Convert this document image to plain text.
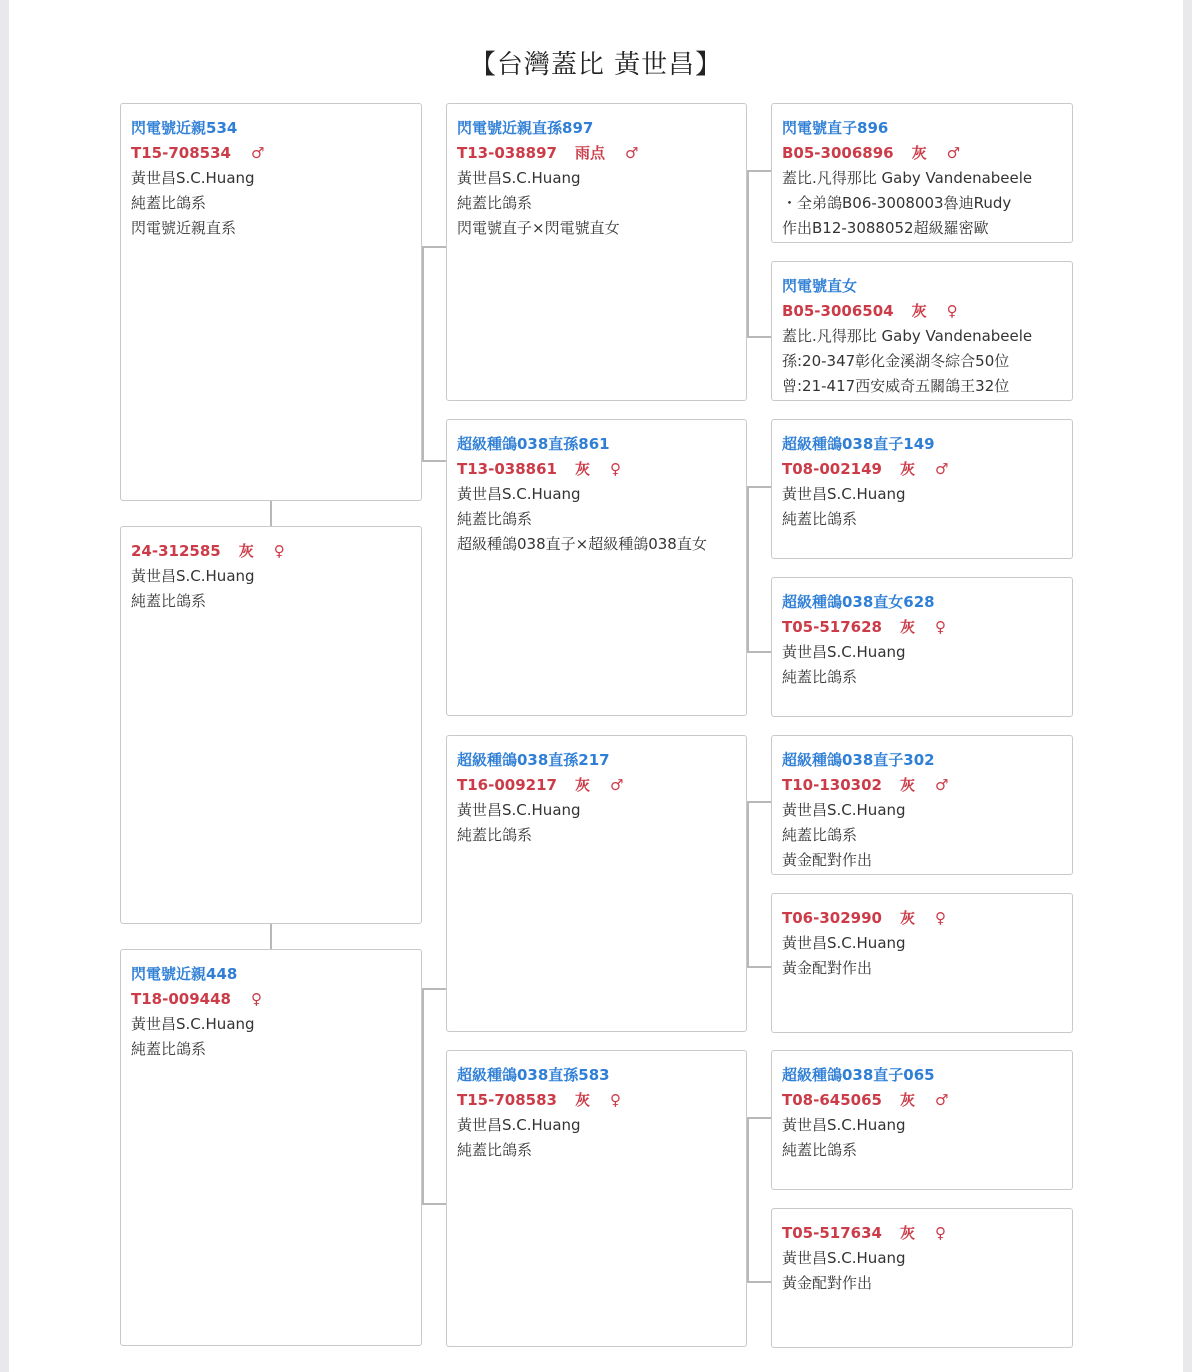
【台灣蓋比 黃世昌】
閃電號近親534
T15-708534 ♂
黃世昌S.C.Huang
純蓋比鴿系
閃電號近親直系
24-312585 灰 ♀
黃世昌S.C.Huang
純蓋比鴿系
閃電號近親448
T18-009448 ♀
黃世昌S.C.Huang
純蓋比鴿系
閃電號近親直孫897
T13-038897 雨点 ♂
黃世昌S.C.Huang
純蓋比鴿系
閃電號直子×閃電號直女
超級種鴿038直孫861
T13-038861 灰 ♀
黃世昌S.C.Huang
純蓋比鴿系
超級種鴿038直子×超級種鴿038直女
超級種鴿038直孫217
T16-009217 灰 ♂
黃世昌S.C.Huang
純蓋比鴿系
超級種鴿038直孫583
T15-708583 灰 ♀
黃世昌S.C.Huang
純蓋比鴿系
閃電號直子896
B05-3006896 灰 ♂
蓋比.凡得那比 Gaby Vandenabeele
・全弟鴿B06-3008003魯迪Rudy
作出B12-3088052超級羅密歐
閃電號直女
B05-3006504 灰 ♀
蓋比.凡得那比 Gaby Vandenabeele
孫:20-347彰化金溪湖冬綜合50位
曾:21-417西安威奇五關鴿王32位
超級種鴿038直子149
T08-002149 灰 ♂
黃世昌S.C.Huang
純蓋比鴿系
超級種鴿038直女628
T05-517628 灰 ♀
黃世昌S.C.Huang
純蓋比鴿系
超級種鴿038直子302
T10-130302 灰 ♂
黃世昌S.C.Huang
純蓋比鴿系
黃金配對作出
T06-302990 灰 ♀
黃世昌S.C.Huang
黃金配對作出
超級種鴿038直子065
T08-645065 灰 ♂
黃世昌S.C.Huang
純蓋比鴿系
T05-517634 灰 ♀
黃世昌S.C.Huang
黃金配對作出
